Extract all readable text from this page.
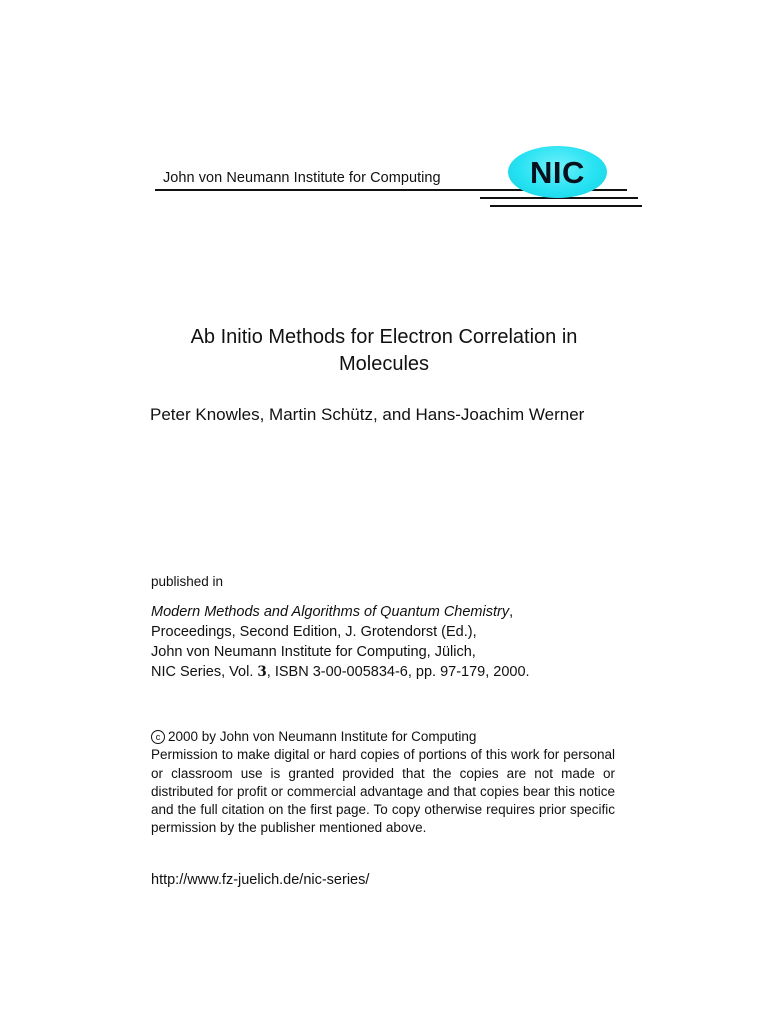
John von Neumann Institute for Computing	NIC
Ab Initio Methods for Electron Correlation in
Molecules
Peter Knowles, Martin Schütz, and Hans-Joachim Werner
published in
Modern Methods and Algorithms of Quantum Chemistry,
Proceedings, Second Edition, J. Grotendorst (Ed.),
John von Neumann Institute for Computing, Jülich,
NIC Series, Vol. 3, ISBN 3-00-005834-6, pp. 97-179, 2000.
c 2000 by John von Neumann Institute for Computing
Permission to make digital or hard copies of portions of this work for personal or classroom use is granted provided that the copies are not made or distributed for profit or commercial advantage and that copies bear this notice and the full citation on the first page. To copy otherwise requires prior specific permission by the publisher mentioned above.
http://www.fz-juelich.de/nic-series/
